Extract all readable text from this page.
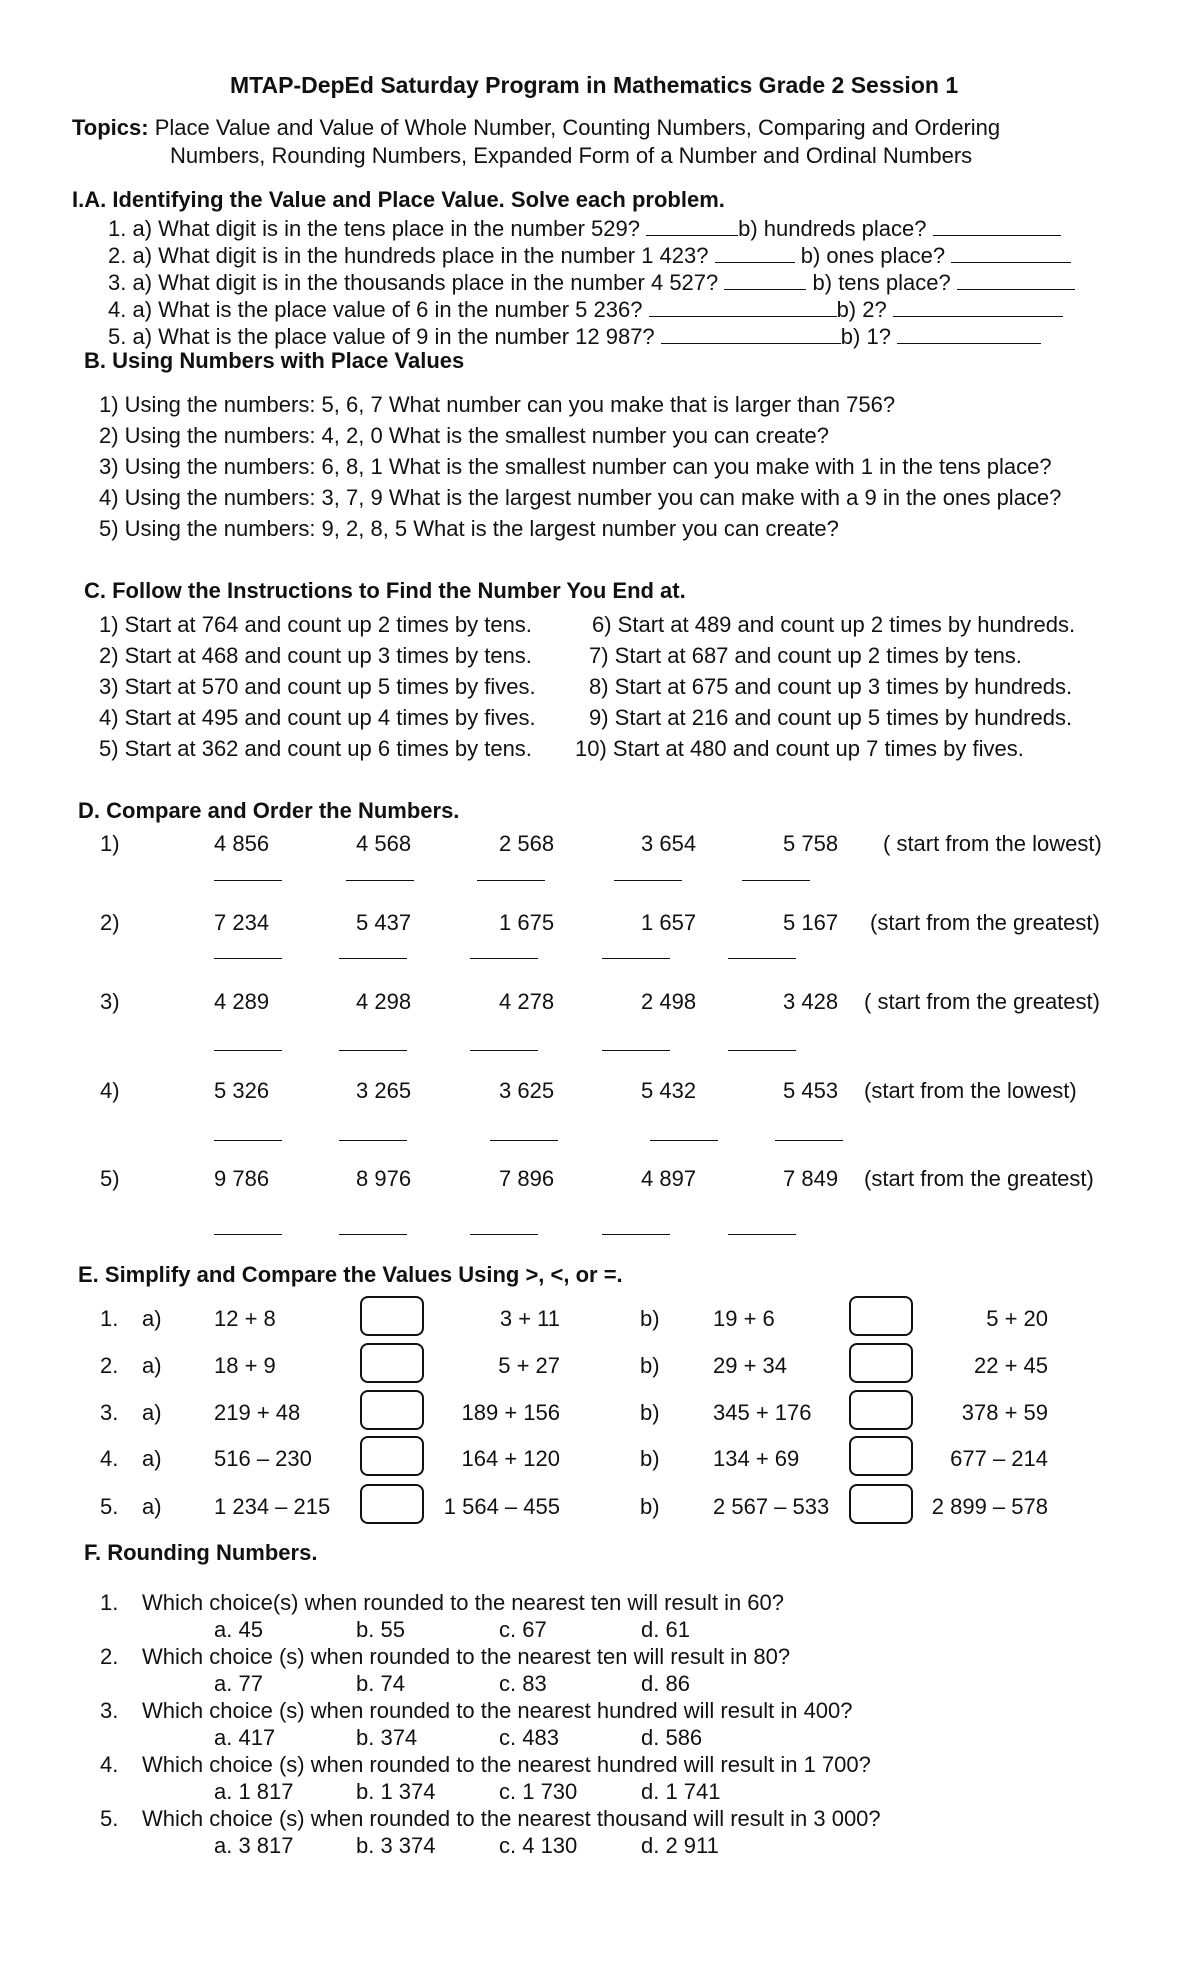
MTAP-DepEd Saturday Program in Mathematics Grade 2 Session 1
Topics: Place Value and Value of Whole Number, Counting Numbers, Comparing and Ordering
Numbers, Rounding Numbers, Expanded Form of a Number and Ordinal Numbers
I.A. Identifying the Value and Place Value. Solve each problem.
1. a) What digit is in the tens place in the number 529?	b) hundreds place?
2. a) What digit is in the hundreds place in the number 1 423?	b) ones place?
3. a) What digit is in the thousands place in the number 4 527?	b) tens place?
4. a) What is the place value of 6 in the number 5 236?	b) 2?
5. a) What is the place value of 9 in the number 12 987?	b) 1?
B. Using Numbers with Place Values
1) Using the numbers: 5, 6, 7 What number can you make that is larger than 756?
2) Using the numbers: 4, 2, 0 What is the smallest number you can create?
3) Using the numbers: 6, 8, 1 What is the smallest number can you make with 1 in the tens place?
4) Using the numbers: 3, 7, 9 What is the largest number you can make with a 9 in the ones place?
5) Using the numbers: 9, 2, 8, 5 What is the largest number you can create?
C. Follow the Instructions to Find the Number You End at.
1) Start at 764 and count up 2 times by tens.
2) Start at 468 and count up 3 times by tens.
3) Start at 570 and count up 5 times by fives.
4) Start at 495 and count up 4 times by fives.
5) Start at 362 and count up 6 times by tens.
6) Start at 489 and count up 2 times by hundreds.
7) Start at 687 and count up 2 times by tens.
8) Start at 675 and count up 3 times by hundreds.
9) Start at 216 and count up 5 times by hundreds.
10) Start at 480 and count up 7 times by fives.
D. Compare and Order the Numbers.
1)	4 856	4 568	2 568	3 654	5 758 ( start from the lowest)
2)	7 234	5 437	1 675	1 657	5 167 (start from the greatest)
3)	4 289	4 298	4 278	2 498	3 428 ( start from the greatest)
4)	5 326	3 265	3 625	5 432	5 453 (start from the lowest)
5)	9 786	8 976	7 896	4 897	7 849 (start from the greatest)
E. Simplify and Compare the Values Using >, <, or =.
1. a) 12 + 8	3 + 11	b) 19 + 6	5 + 20
2. a) 18 + 9	5 + 27	b) 29 + 34	22 + 45
3. a) 219 + 48	189 + 156	b) 345 + 176	378 + 59
4. a) 516 – 230	164 + 120	b) 134 + 69	677 – 214
5. a) 1 234 – 215	1 564 – 455	b) 2 567 – 533	2 899 – 578
F. Rounding Numbers.
1. Which choice(s) when rounded to the nearest ten will result in 60?
a. 45	b. 55	c. 67	d. 61
2. Which choice (s) when rounded to the nearest ten will result in 80?
a. 77	b. 74	c. 83	d. 86
3. Which choice (s) when rounded to the nearest hundred will result in 400?
a. 417	b. 374	c. 483	d. 586
4. Which choice (s) when rounded to the nearest hundred will result in 1 700?
a. 1 817	b. 1 374	c. 1 730	d. 1 741
5. Which choice (s) when rounded to the nearest thousand will result in 3 000?
a. 3 817	b. 3 374	c. 4 130	d. 2 911
